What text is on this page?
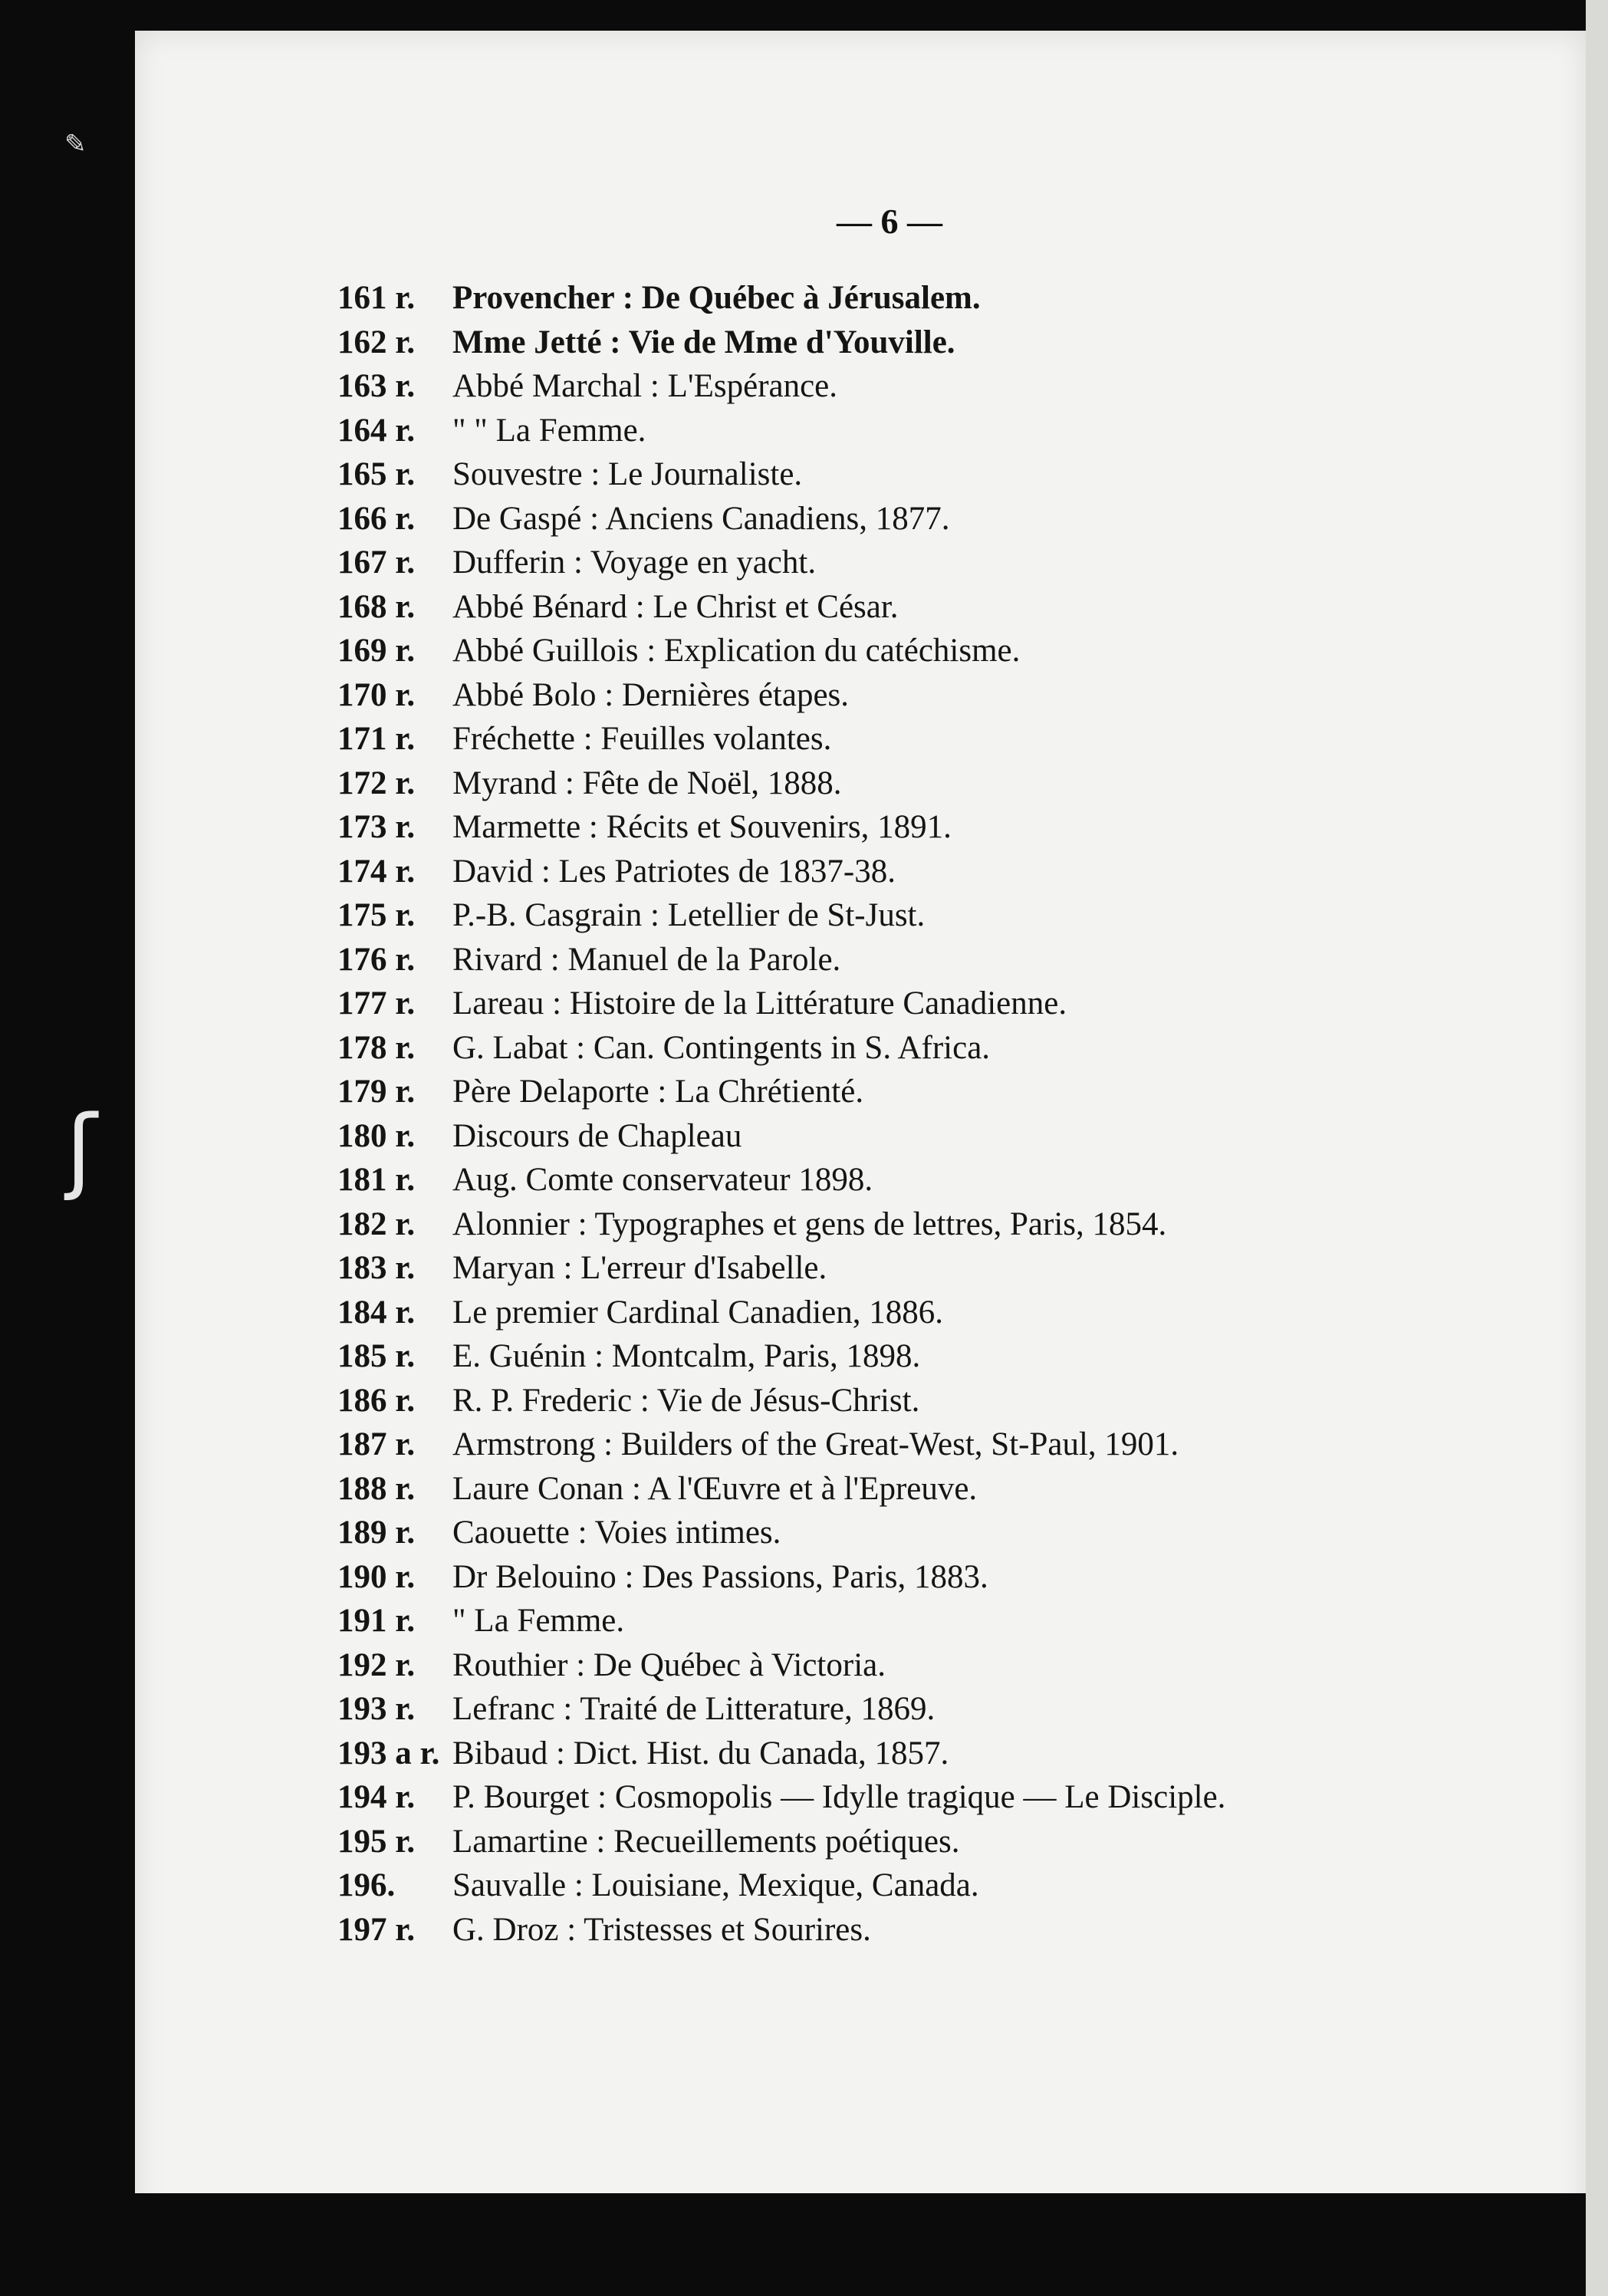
✎
ʃ
— 6 —
161 r. Provencher : De Québec à Jérusalem.
162 r. Mme Jetté : Vie de Mme d'Youville.
163 r. Abbé Marchal : L'Espérance.
164 r. " " La Femme.
165 r. Souvestre : Le Journaliste.
166 r. De Gaspé : Anciens Canadiens, 1877.
167 r. Dufferin : Voyage en yacht.
168 r. Abbé Bénard : Le Christ et César.
169 r. Abbé Guillois : Explication du catéchisme.
170 r. Abbé Bolo : Dernières étapes.
171 r. Fréchette : Feuilles volantes.
172 r. Myrand : Fête de Noël, 1888.
173 r. Marmette : Récits et Souvenirs, 1891.
174 r. David : Les Patriotes de 1837-38.
175 r. P.-B. Casgrain : Letellier de St-Just.
176 r. Rivard : Manuel de la Parole.
177 r. Lareau : Histoire de la Littérature Canadienne.
178 r. G. Labat : Can. Contingents in S. Africa.
179 r. Père Delaporte : La Chrétienté.
180 r. Discours de Chapleau
181 r. Aug. Comte conservateur 1898.
182 r. Alonnier : Typographes et gens de lettres, Paris, 1854.
183 r. Maryan : L'erreur d'Isabelle.
184 r. Le premier Cardinal Canadien, 1886.
185 r. E. Guénin : Montcalm, Paris, 1898.
186 r. R. P. Frederic : Vie de Jésus-Christ.
187 r. Armstrong : Builders of the Great-West, St-Paul, 1901.
188 r. Laure Conan : A l'Œuvre et à l'Epreuve.
189 r. Caouette : Voies intimes.
190 r. Dr Belouino : Des Passions, Paris, 1883.
191 r. " La Femme.
192 r. Routhier : De Québec à Victoria.
193 r. Lefranc : Traité de Litterature, 1869.
193 a r. Bibaud : Dict. Hist. du Canada, 1857.
194 r. P. Bourget : Cosmopolis — Idylle tragique — Le Disciple.
195 r. Lamartine : Recueillements poétiques.
196. Sauvalle : Louisiane, Mexique, Canada.
197 r. G. Droz : Tristesses et Sourires.
